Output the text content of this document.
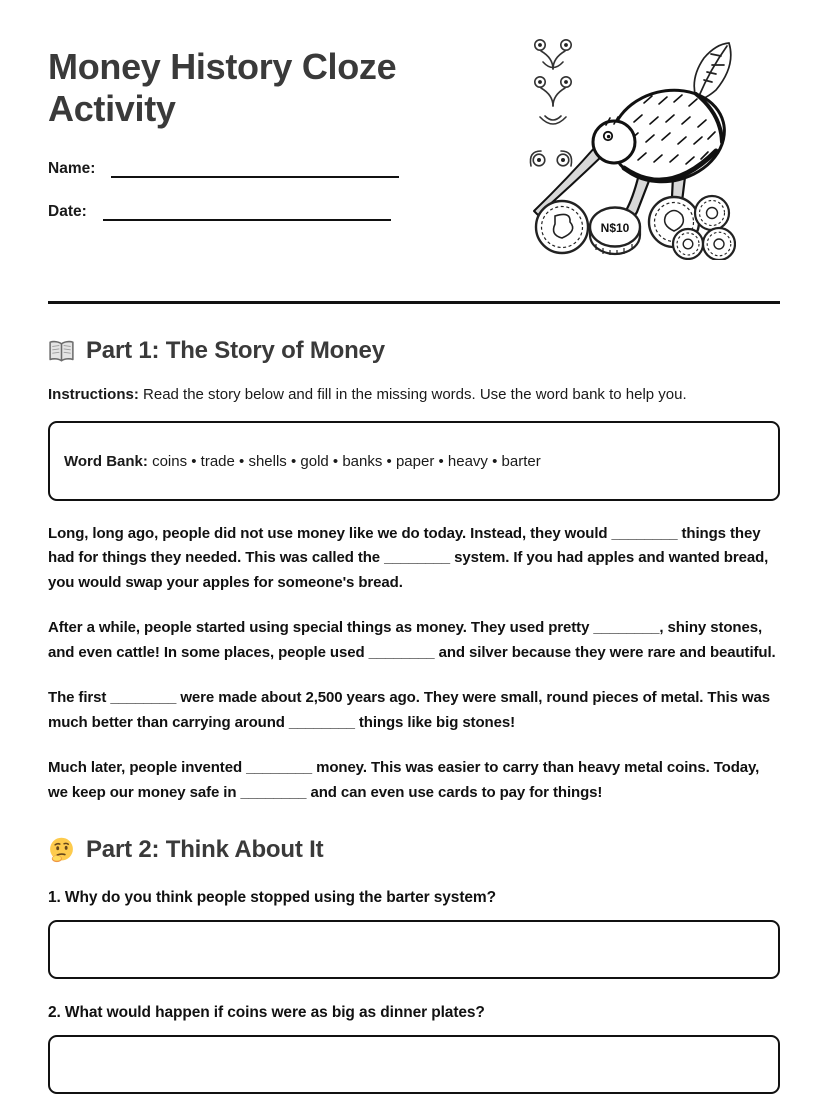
Money History Cloze Activity
Name:
Date:
N$10
Part 1: The Story of Money

Instructions: Read the story below and fill in the missing words. Use the word bank to help you.

Word Bank: coins • trade • shells • gold • banks • paper • heavy • barter

Long, long ago, people did not use money like we do today. Instead, they would ________ things they had for things they needed. This was called the ________ system. If you had apples and wanted bread, you would swap your apples for someone's bread.

After a while, people started using special things as money. They used pretty ________, shiny stones, and even cattle! In some places, people used ________ and silver because they were rare and beautiful.

The first ________ were made about 2,500 years ago. They were small, round pieces of metal. This was much better than carrying around ________ things like big stones!

Much later, people invented ________ money. This was easier to carry than heavy metal coins. Today, we keep our money safe in ________ and can even use cards to pay for things!

Part 2: Think About It

1. Why do you think people stopped using the barter system?

2. What would happen if coins were as big as dinner plates?
